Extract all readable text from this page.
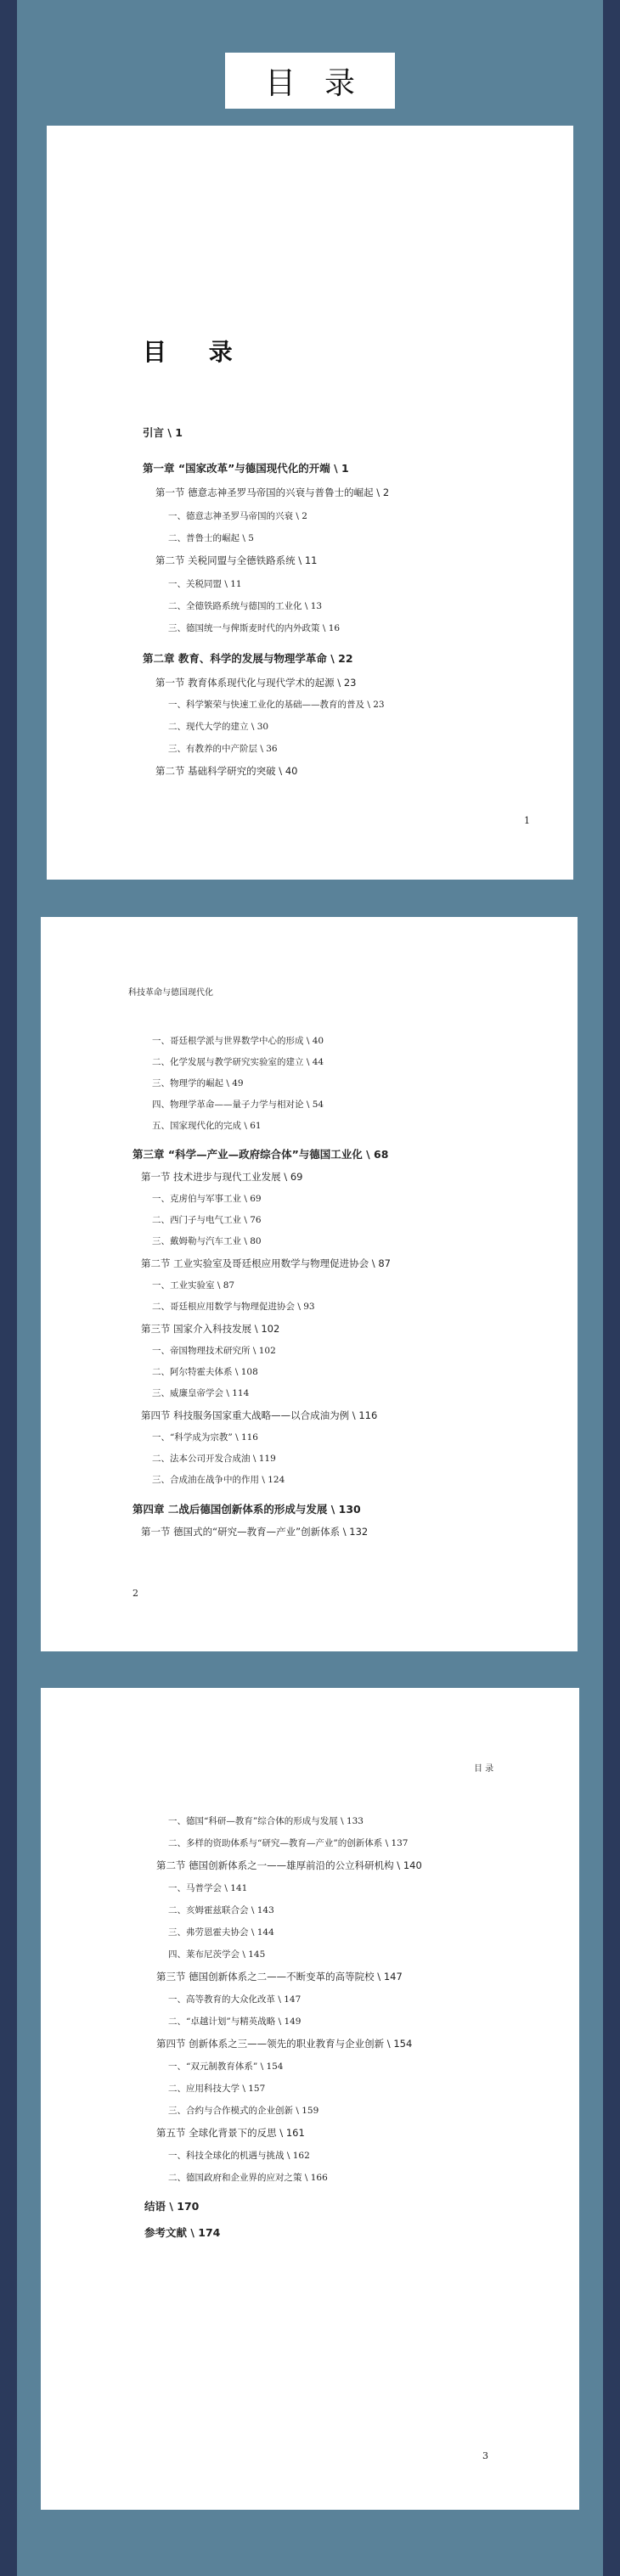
目录
目 录
引言 \ 1
第一章 “国家改革”与德国现代化的开端 \ 1
第一节 德意志神圣罗马帝国的兴衰与普鲁士的崛起 \ 2
一、德意志神圣罗马帝国的兴衰 \ 2
二、普鲁士的崛起 \ 5
第二节 关税同盟与全德铁路系统 \ 11
一、关税同盟 \ 11
二、全德铁路系统与德国的工业化 \ 13
三、德国统一与俾斯麦时代的内外政策 \ 16
第二章 教育、科学的发展与物理学革命 \ 22
第一节 教育体系现代化与现代学术的起源 \ 23
一、科学繁荣与快速工业化的基础——教育的普及 \ 23
二、现代大学的建立 \ 30
三、有教养的中产阶层 \ 36
第二节 基础科学研究的突破 \ 40
1
科技革命与德国现代化
一、哥廷根学派与世界数学中心的形成 \ 40
二、化学发展与教学研究实验室的建立 \ 44
三、物理学的崛起 \ 49
四、物理学革命——量子力学与相对论 \ 54
五、国家现代化的完成 \ 61
第三章 “科学—产业—政府综合体”与德国工业化 \ 68
第一节 技术进步与现代工业发展 \ 69
一、克虏伯与军事工业 \ 69
二、西门子与电气工业 \ 76
三、戴姆勒与汽车工业 \ 80
第二节 工业实验室及哥廷根应用数学与物理促进协会 \ 87
一、工业实验室 \ 87
二、哥廷根应用数学与物理促进协会 \ 93
第三节 国家介入科技发展 \ 102
一、帝国物理技术研究所 \ 102
二、阿尔特霍夫体系 \ 108
三、威廉皇帝学会 \ 114
第四节 科技服务国家重大战略——以合成油为例 \ 116
一、“科学成为宗教” \ 116
二、法本公司开发合成油 \ 119
三、合成油在战争中的作用 \ 124
第四章 二战后德国创新体系的形成与发展 \ 130
第一节 德国式的“研究—教育—产业”创新体系 \ 132
2
目 录
一、德国“科研—教育”综合体的形成与发展 \ 133
二、多样的资助体系与“研究—教育—产业”的创新体系 \ 137
第二节 德国创新体系之一——雄厚前沿的公立科研机构 \ 140
一、马普学会 \ 141
二、亥姆霍兹联合会 \ 143
三、弗劳恩霍夫协会 \ 144
四、莱布尼茨学会 \ 145
第三节 德国创新体系之二——不断变革的高等院校 \ 147
一、高等教育的大众化改革 \ 147
二、“卓越计划”与精英战略 \ 149
第四节 创新体系之三——领先的职业教育与企业创新 \ 154
一、“双元制教育体系” \ 154
二、应用科技大学 \ 157
三、合约与合作模式的企业创新 \ 159
第五节 全球化背景下的反思 \ 161
一、科技全球化的机遇与挑战 \ 162
二、德国政府和企业界的应对之策 \ 166
结语 \ 170
参考文献 \ 174
3
